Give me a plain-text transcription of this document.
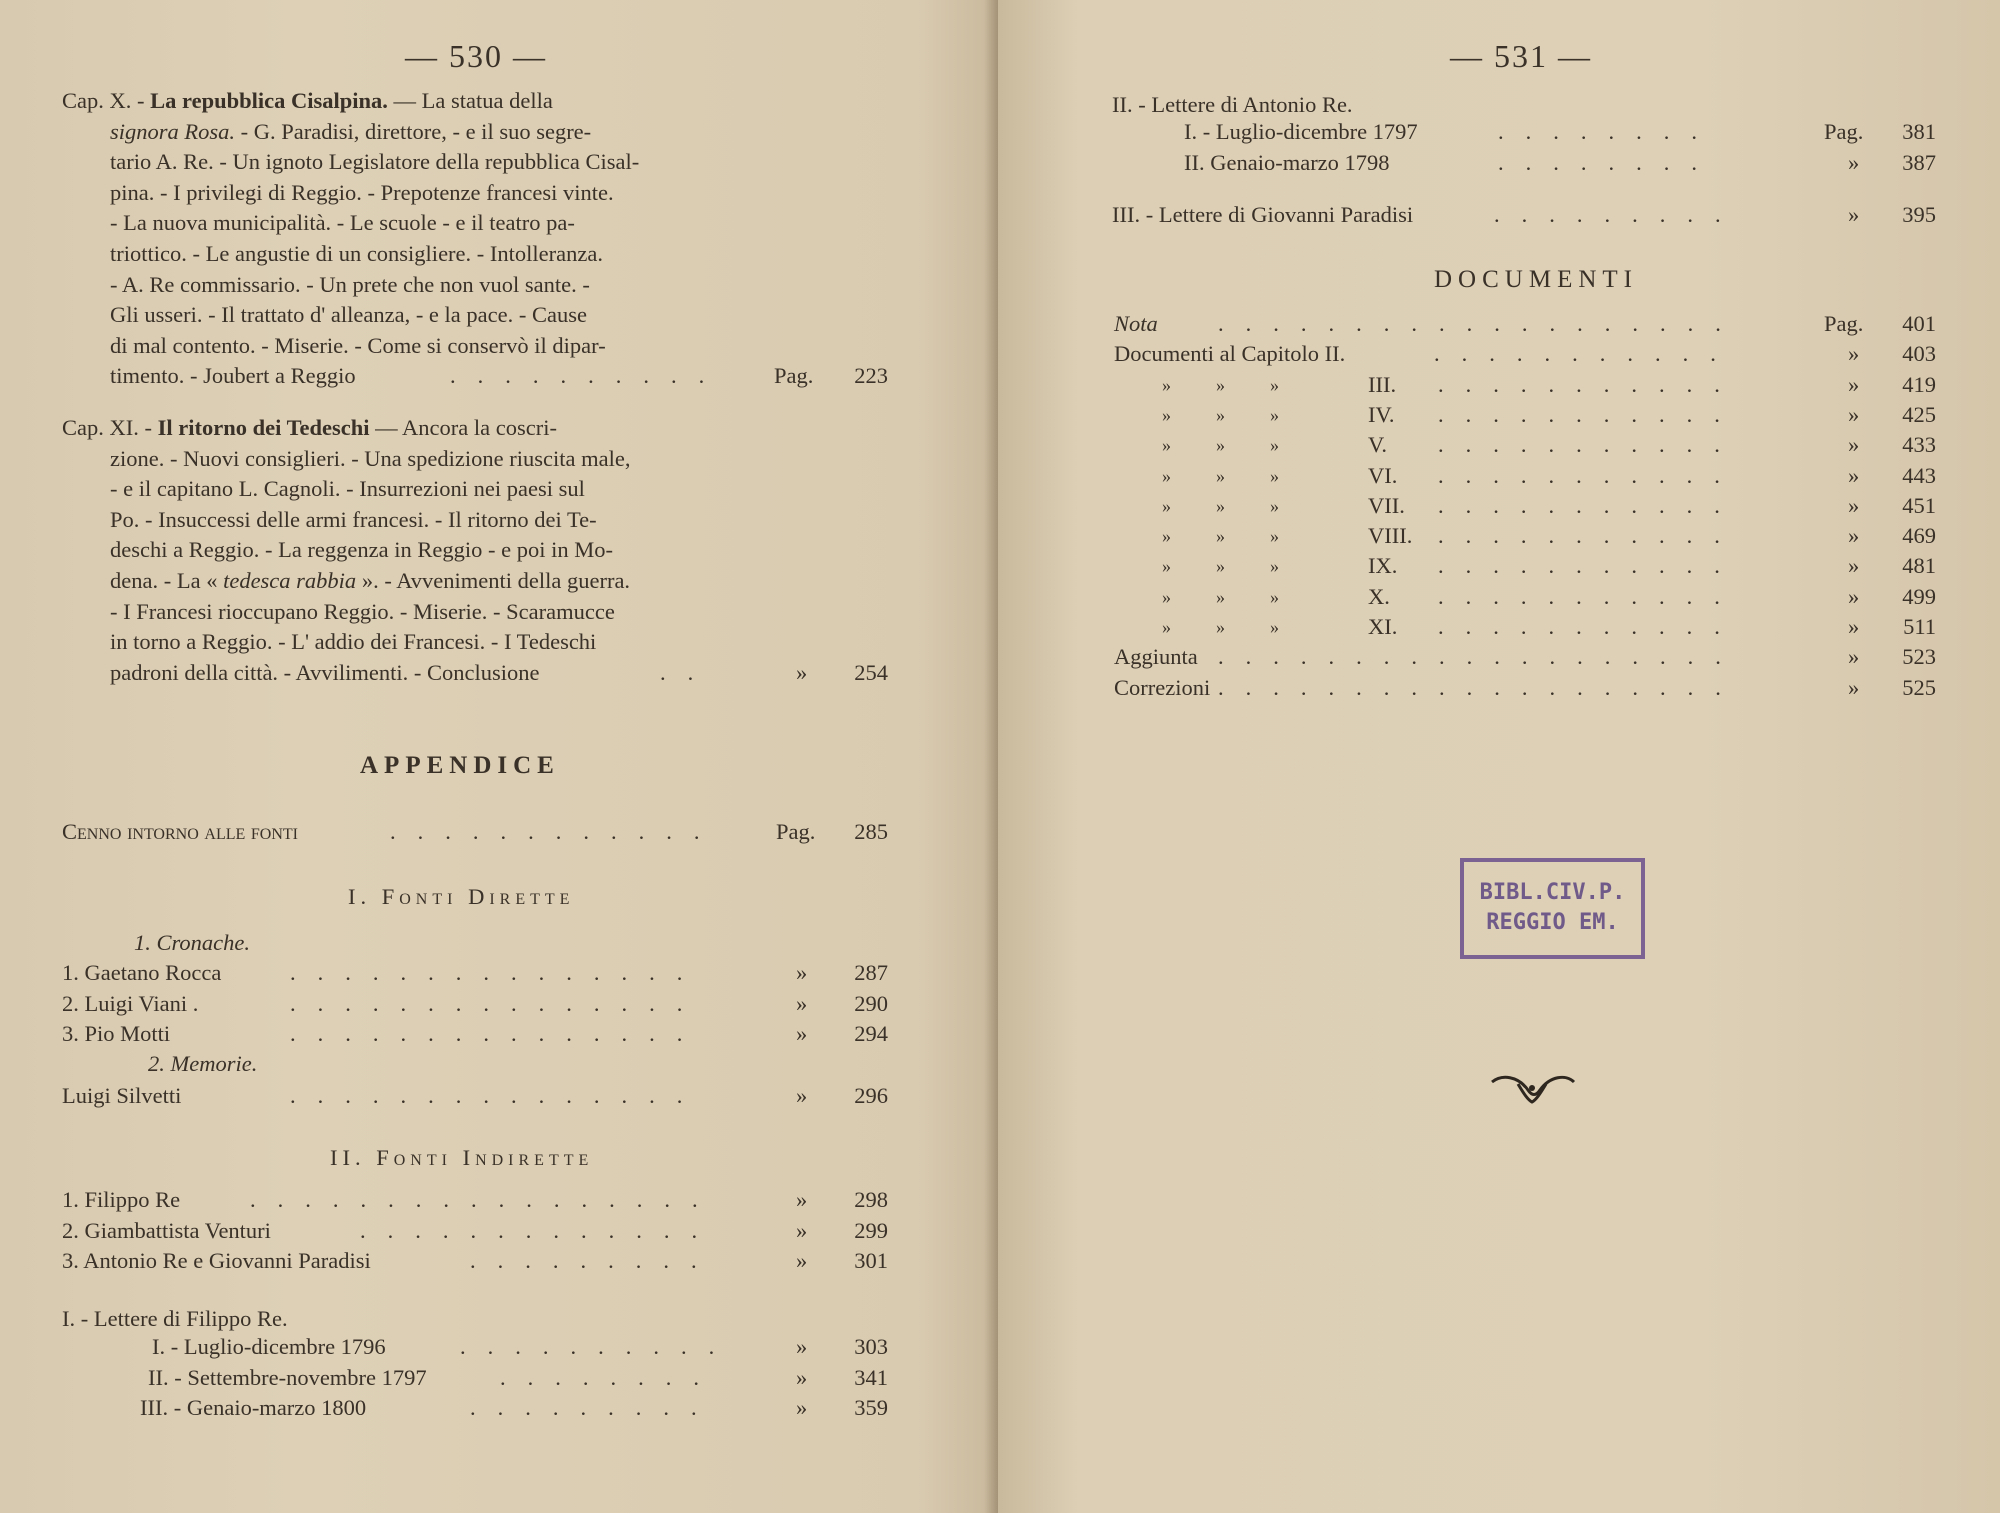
— 530 —
Cap. X. - La repubblica Cisalpina. — La statua della
signora Rosa. - G. Paradisi, direttore, - e il suo segre-
tario A. Re. - Un ignoto Legislatore della repubblica Cisal-
pina. - I privilegi di Reggio. - Prepotenze francesi vinte.
- La nuova municipalità. - Le scuole - e il teatro pa-
triottico. - Le angustie di un consigliere. - Intolleranza.
- A. Re commissario. - Un prete che non vuol sante. -
Gli usseri. - Il trattato d' alleanza, - e la pace. - Cause
di mal contento. - Miserie. - Come si conservò il dipar-
timento. - Joubert a Reggio	..........	Pag.	223
Cap. XI. - Il ritorno dei Tedeschi — Ancora la coscri-
zione. - Nuovi consiglieri. - Una spedizione riuscita male,
- e il capitano L. Cagnoli. - Insurrezioni nei paesi sul
Po. - Insuccessi delle armi francesi. - Il ritorno dei Te-
deschi a Reggio. - La reggenza in Reggio - e poi in Mo-
dena. - La « tedesca rabbia ». - Avvenimenti della guerra.
- I Francesi rioccupano Reggio. - Miserie. - Scaramucce
in torno a Reggio. - L' addio dei Francesi. - I Tedeschi
padroni della città. - Avvilimenti. - Conclusione	..	»	254
APPENDICE
Cenno intorno alle fonti	............	Pag.	285
I. Fonti Dirette
1. Cronache.
1. Gaetano Rocca	...............	»	287
2. Luigi Viani .	...............	»	290
3. Pio Motti	...............	»	294
2. Memorie.
Luigi Silvetti	...............	»	296
II. Fonti Indirette
1. Filippo Re	.................	»	298
2. Giambattista Venturi	.............	»	299
3. Antonio Re e Giovanni Paradisi	.........	»	301
I. - Lettere di Filippo Re.
I. - Luglio-dicembre 1796	..........	»	303
II. - Settembre-novembre 1797	........	»	341
III. - Genaio-marzo 1800	.........	»	359
— 531 —
II. - Lettere di Antonio Re.
I. - Luglio-dicembre 1797	........	Pag.	381
II. Genaio-marzo 1798	........	»	387
III. - Lettere di Giovanni Paradisi	.........	»	395
DOCUMENTI
Nota	...................	Pag.	401
Documenti al Capitolo II.	...........	»	403
»	»	»	III. ...........	»	419
»	»	»	IV. ...........	»	425
»	»	»	V. ...........	»	433
»	»	»	VI. ...........	»	443
»	»	»	VII. ...........	»	451
»	»	»	VIII. ...........	»	469
»	»	»	IX. ...........	»	481
»	»	»	X. ...........	»	499
»	»	»	XI. ...........	»	511
Aggiunta ...................	»	523
Correzioni ...................	»	525
BIBL.CIV.P.
REGGIO EM.
